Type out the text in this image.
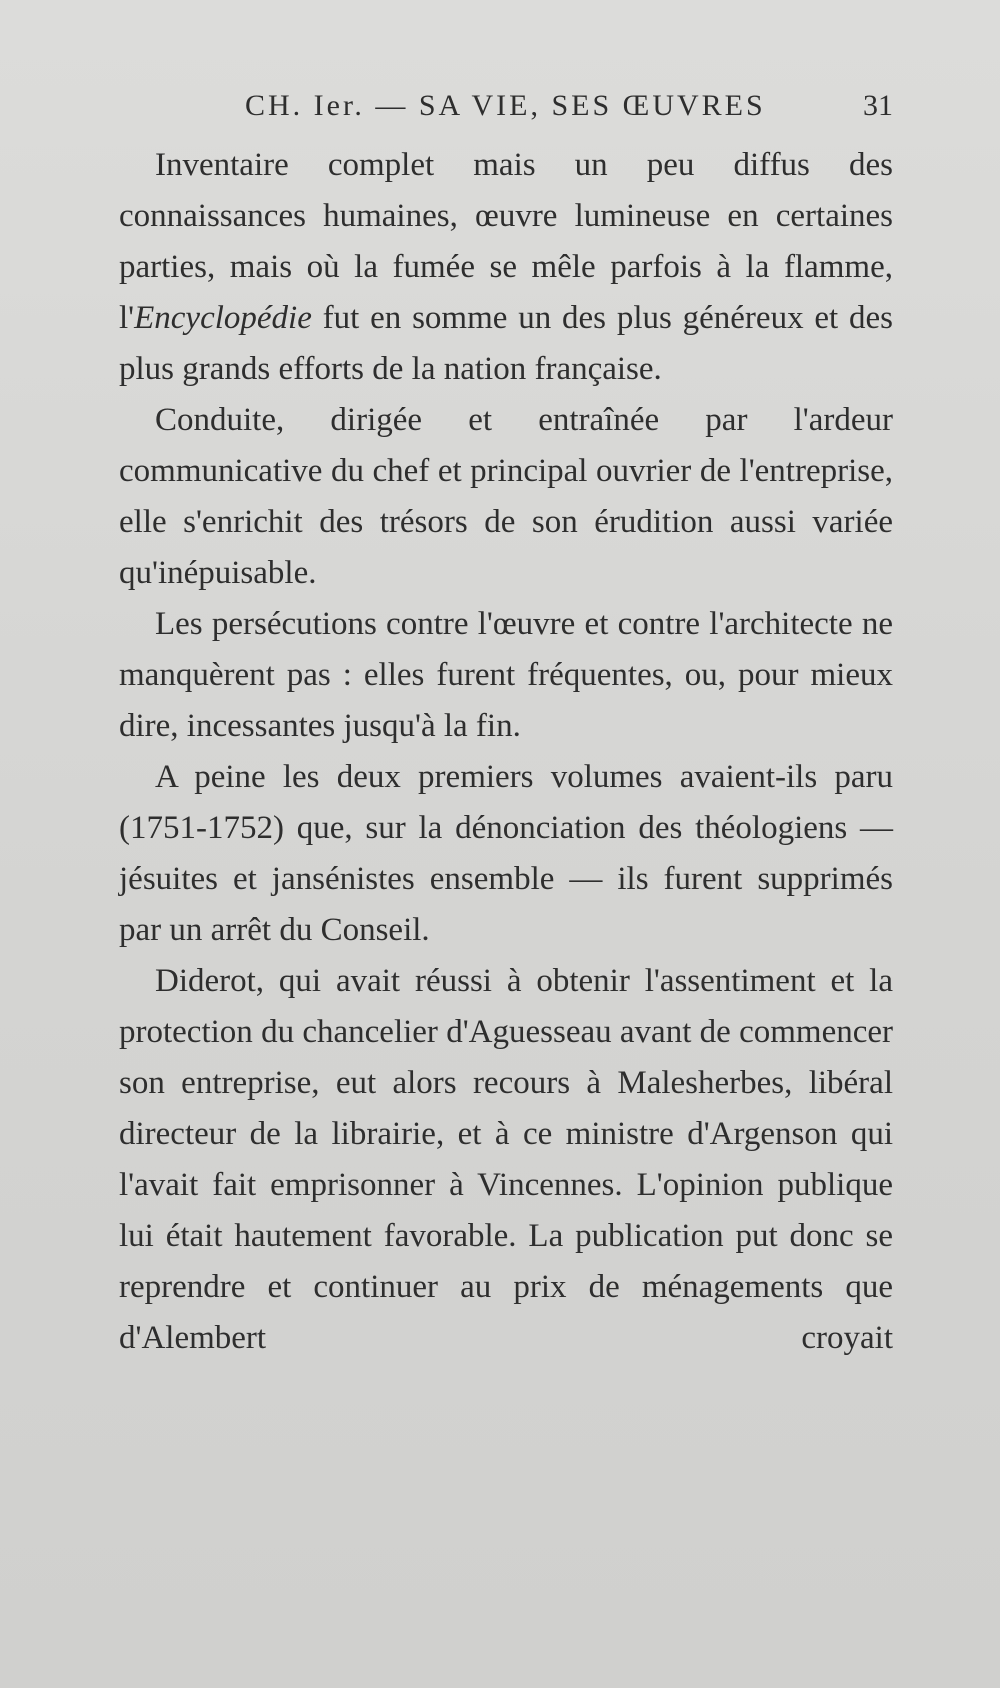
CH. Ier. — SA VIE, SES ŒUVRES	31

Inventaire complet mais un peu diffus des connaissances humaines, œuvre lumineuse en certaines parties, mais où la fumée se mêle parfois à la flamme, l'Encyclopédie fut en somme un des plus généreux et des plus grands efforts de la nation française.

Conduite, dirigée et entraînée par l'ardeur communicative du chef et principal ouvrier de l'entreprise, elle s'enrichit des trésors de son érudition aussi variée qu'inépuisable.

Les persécutions contre l'œuvre et contre l'architecte ne manquèrent pas : elles furent fréquentes, ou, pour mieux dire, incessantes jusqu'à la fin.

A peine les deux premiers volumes avaient-ils paru (1751-1752) que, sur la dénonciation des théologiens — jésuites et jansénistes ensemble — ils furent supprimés par un arrêt du Conseil.

Diderot, qui avait réussi à obtenir l'assentiment et la protection du chancelier d'Aguesseau avant de commencer son entreprise, eut alors recours à Malesherbes, libéral directeur de la librairie, et à ce ministre d'Argenson qui l'avait fait emprisonner à Vincennes. L'opinion publique lui était hautement favorable. La publication put donc se reprendre et continuer au prix de ménagements que d'Alembert croyait
